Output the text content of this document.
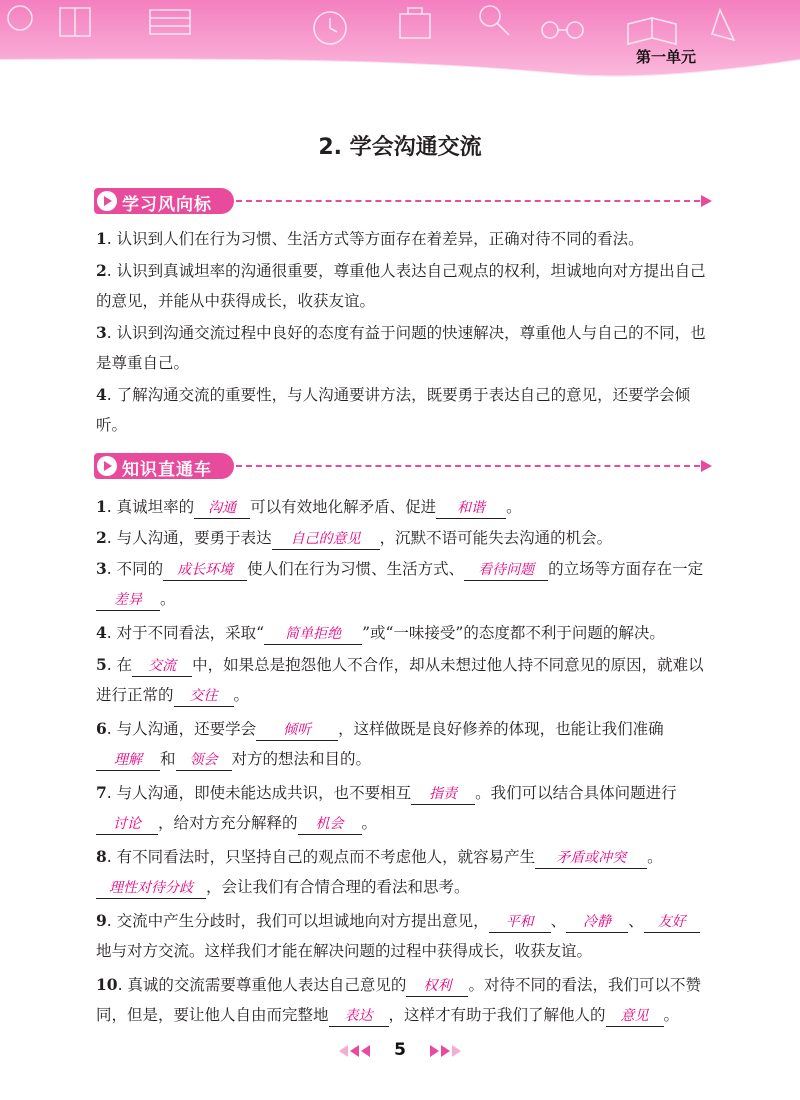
第一单元
2. 学会沟通交流
学习风向标

1. 认识到人们在行为习惯、生活方式等方面存在着差异，正确对待不同的看法。

2. 认识到真诚坦率的沟通很重要，尊重他人表达自己观点的权利，坦诚地向对方提出自己的意见，并能从中获得成长，收获友谊。

3. 认识到沟通交流过程中良好的态度有益于问题的快速解决，尊重他人与自己的不同，也是尊重自己。

4. 了解沟通交流的重要性，与人沟通要讲方法，既要勇于表达自己的意见，还要学会倾听。

知识直通车

1. 真诚坦率的 沟通 可以有效地化解矛盾、促进 和谐 。

2. 与人沟通，要勇于表达 自己的意见 ，沉默不语可能失去沟通的机会。

3. 不同的 成长环境 使人们在行为习惯、生活方式、 看待问题 的立场等方面存在一定差异 。

4. 对于不同看法，采取“ 简单拒绝 ”或“一味接受”的态度都不利于问题的解决。

5. 在 交流 中，如果总是抱怨他人不合作，却从未想过他人持不同意见的原因，就难以进行正常的 交往 。

6. 与人沟通，还要学会 倾听 ，这样做既是良好修养的体现，也能让我们准确理解 和 领会 对方的想法和目的。

7. 与人沟通，即使未能达成共识，也不要相互 指责 。我们可以结合具体问题进行讨论 ，给对方充分解释的 机会 。

8. 有不同看法时，只坚持自己的观点而不考虑他人，就容易产生 矛盾或冲突 。理性对待分歧 ，会让我们有合情合理的看法和思考。

9. 交流中产生分歧时，我们可以坦诚地向对方提出意见， 平和 、 冷静 、 友好地与对方交流。这样我们才能在解决问题的过程中获得成长，收获友谊。

10. 真诚的交流需要尊重他人表达自己意见的 权利 。对待不同的看法，我们可以不赞同，但是，要让他人自由而完整地 表达 ，这样才有助于我们了解他人的 意见 。

5
